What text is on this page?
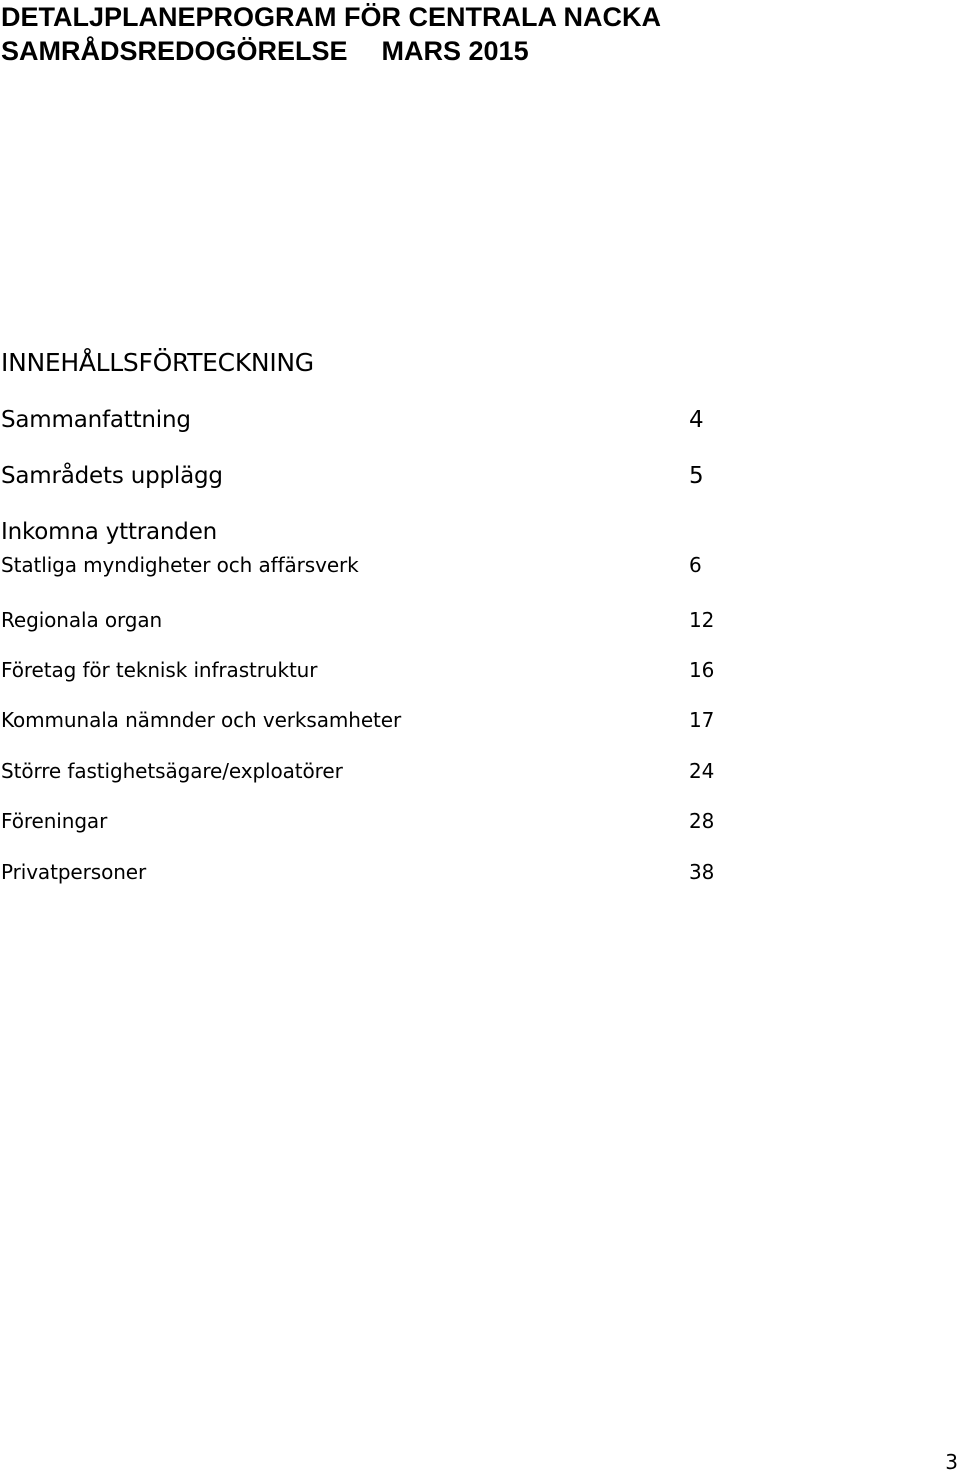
DETALJPLANEPROGRAM FÖR CENTRALA NACKA
SAMRÅDSREDOGÖRELSE MARS 2015
INNEHÅLLSFÖRTECKNING
Sammanfattning	4
Samrådets upplägg	5
Inkomna yttranden
Statliga myndigheter och affärsverk	6
Regionala organ	12
Företag för teknisk infrastruktur	16
Kommunala nämnder och verksamheter	17
Större fastighetsägare/exploatörer	24
Föreningar	28
Privatpersoner	38
3
